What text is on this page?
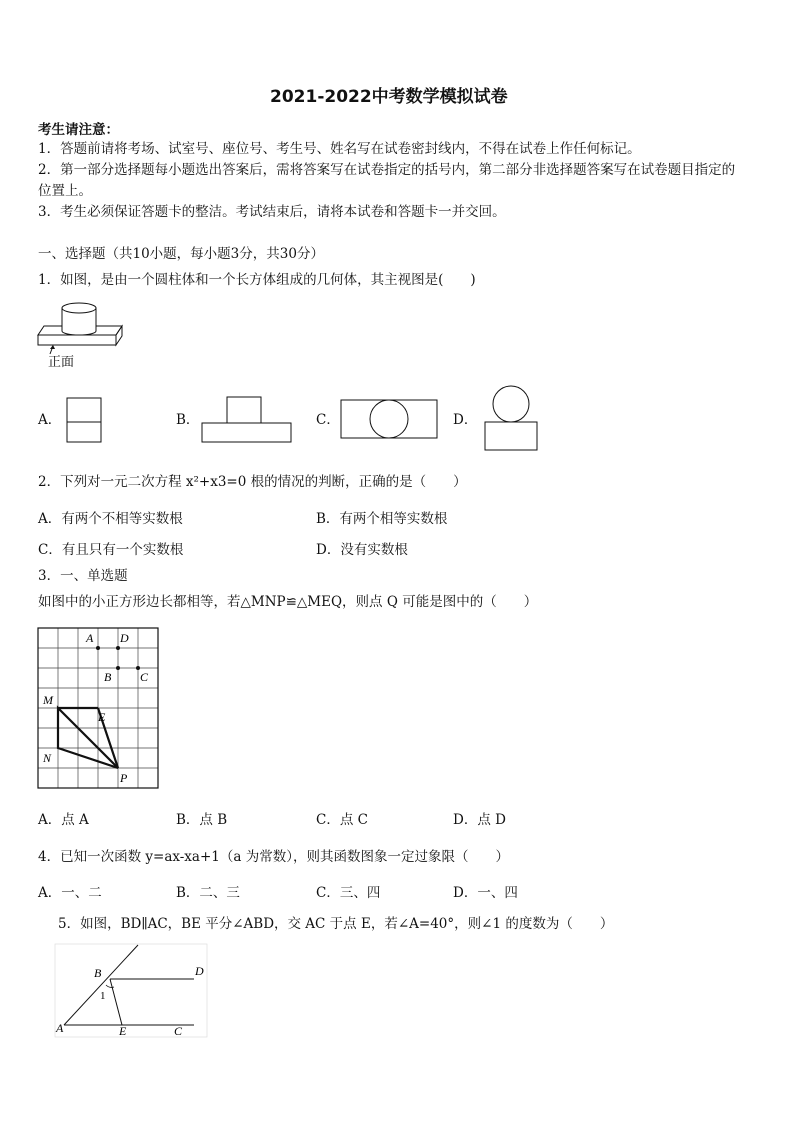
2021-2022中考数学模拟试卷
考生请注意：
1．答题前请将考场、试室号、座位号、考生号、姓名写在试卷密封线内，不得在试卷上作任何标记。
2．第一部分选择题每小题选出答案后，需将答案写在试卷指定的括号内，第二部分非选择题答案写在试卷题目指定的
位置上。
3．考生必须保证答题卡的整洁。考试结束后，请将本试卷和答题卡一并交回。
一、选择题（共10小题，每小题3分，共30分）
1．如图，是由一个圆柱体和一个长方体组成的几何体，其主视图是(　　)
正面
A．	B．	C．	D．
2．下列对一元二次方程 x²+x3=0 根的情况的判断，正确的是（　　）
A．有两个不相等实数根	B．有两个相等实数根
C．有且只有一个实数根	D．没有实数根
3．一、单选题
如图中的小正方形边长都相等，若△MNP≌△MEQ，则点 Q 可能是图中的（　　）
A D
B C
M
E
N
P
A．点 A	B．点 B	C．点 C	D．点 D
4．已知一次函数 y=ax-xa+1（a 为常数），则其函数图象一定过象限（　　）
A．一、二	B．二、三	C．三、四	D．一、四
5．如图，BD∥AC，BE 平分∠ABD，交 AC 于点 E，若∠A=40°，则∠1 的度数为（　　）
B	D
1
A	E	C
